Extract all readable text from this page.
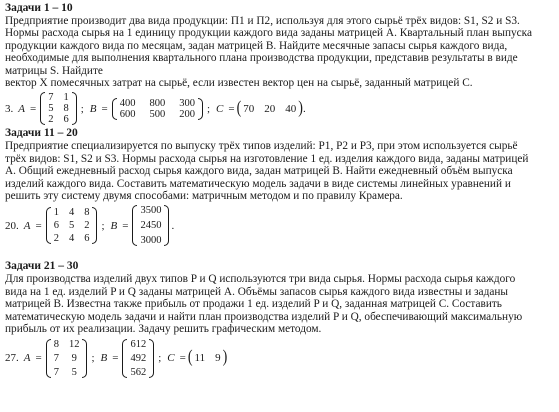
Задачи 1 – 10
Предприятие производит два вида продукции: П1 и П2, используя для этого сырьё трёх видов: S1, S2 и S3.
Нормы расхода сырья на 1 единицу продукции каждого вида заданы матрицей А. Квартальный план выпуска
продукции каждого вида по месяцам, задан матрицей В. Найдите месячные запасы сырья каждого вида,
необходимые для выполнения квартального плана производства продукции, представив результаты в виде
матрицы S. Найдите
вектор Х помесячных затрат на сырьё, если известен вектор цен на сырьё, заданный матрицей С.
3. A =
7 1
5 8
2 6
; B = 400 800 300
600 500 200 ; C = ( 70 20 40 ) .
Задачи 11 – 20
Предприятие специализируется по выпуску трёх типов изделий: P1, P2 и P3, при этом используется сырьё
трёх видов: S1, S2 и S3. Нормы расхода сырья на изготовление 1 ед. изделия каждого вида, заданы матрицей
А. Общий ежедневный расход сырья каждого вида, задан матрицей В. Найти ежедневный объём выпуска
изделий каждого вида. Составить математическую модель задачи в виде системы линейных уравнений и
решить эту систему двумя способами: матричным методом и по правилу Крамера.
20. A =
1 4 8
6 5 2
2 4 6
; B =
3500
2450
3000
.
Задачи 21 – 30
Для производства изделий двух типов P и Q используются три вида сырья. Нормы расхода сырья каждого
вида на 1 ед. изделий P и Q заданы матрицей A. Объёмы запасов сырья каждого вида известны и заданы
матрицей B. Известна также прибыль от продажи 1 ед. изделий P и Q, заданная матрицей C. Составить
математическую модель задачи и найти план производства изделий P и Q, обеспечивающий максимальную
прибыль от их реализации. Задачу решить графическим методом.
27. A =
8 12
7 9
7 5
; B =
612
492
562
; C = ( 11 9 )
